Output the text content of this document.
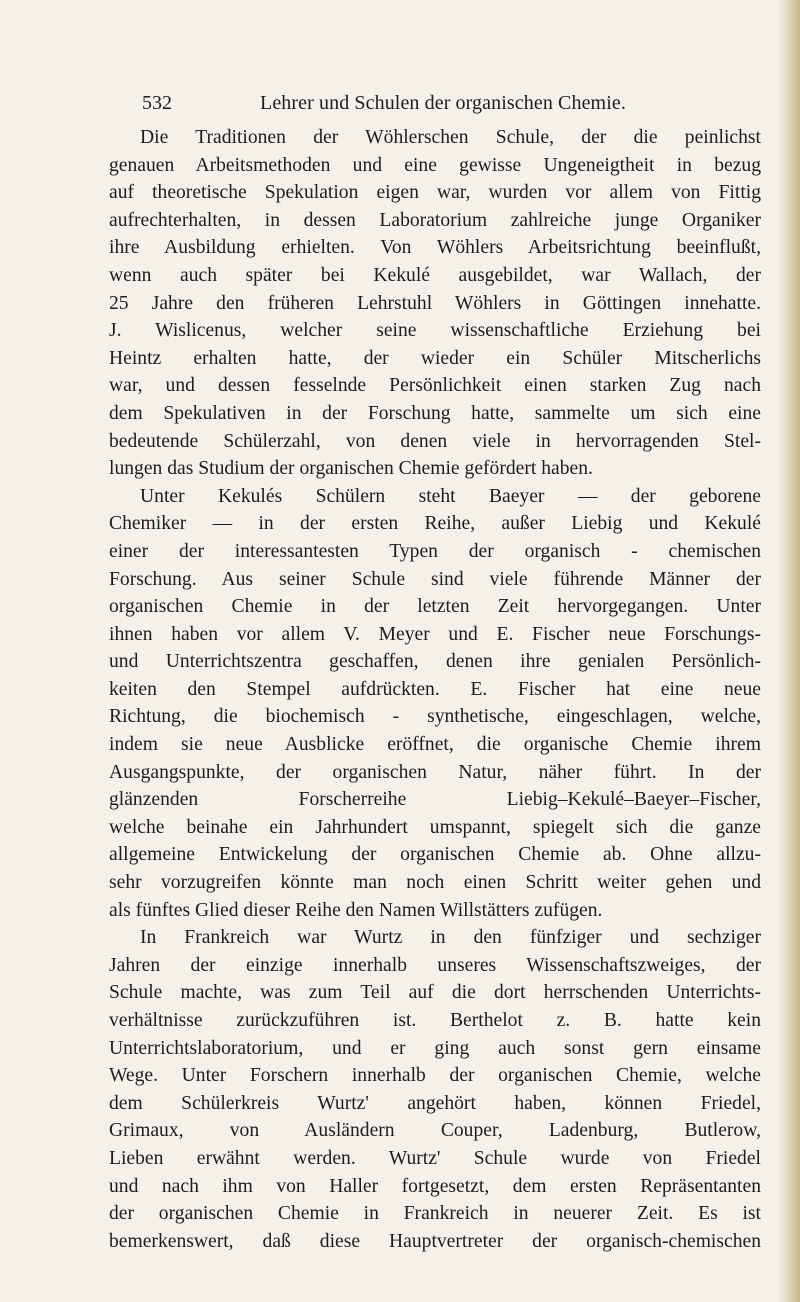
532	Lehrer und Schulen der organischen Chemie.
Die Traditionen der Wöhlerschen Schule, der die peinlichst
genauen Arbeitsmethoden und eine gewisse Ungeneigtheit in bezug
auf theoretische Spekulation eigen war, wurden vor allem von Fittig
aufrechterhalten, in dessen Laboratorium zahlreiche junge Organiker
ihre Ausbildung erhielten. Von Wöhlers Arbeitsrichtung beeinflußt,
wenn auch später bei Kekulé ausgebildet, war Wallach, der
25 Jahre den früheren Lehrstuhl Wöhlers in Göttingen innehatte.
J. Wislicenus, welcher seine wissenschaftliche Erziehung bei
Heintz erhalten hatte, der wieder ein Schüler Mitscherlichs
war, und dessen fesselnde Persönlichkeit einen starken Zug nach
dem Spekulativen in der Forschung hatte, sammelte um sich eine
bedeutende Schülerzahl, von denen viele in hervorragenden Stel-
lungen das Studium der organischen Chemie gefördert haben.
Unter Kekulés Schülern steht Baeyer — der geborene
Chemiker — in der ersten Reihe, außer Liebig und Kekulé
einer der interessantesten Typen der organisch - chemischen
Forschung. Aus seiner Schule sind viele führende Männer der
organischen Chemie in der letzten Zeit hervorgegangen. Unter
ihnen haben vor allem V. Meyer und E. Fischer neue Forschungs-
und Unterrichtszentra geschaffen, denen ihre genialen Persönlich-
keiten den Stempel aufdrückten. E. Fischer hat eine neue
Richtung, die biochemisch - synthetische, eingeschlagen, welche,
indem sie neue Ausblicke eröffnet, die organische Chemie ihrem
Ausgangspunkte, der organischen Natur, näher führt. In der
glänzenden Forscherreihe Liebig–Kekulé–Baeyer–Fischer,
welche beinahe ein Jahrhundert umspannt, spiegelt sich die ganze
allgemeine Entwickelung der organischen Chemie ab. Ohne allzu-
sehr vorzugreifen könnte man noch einen Schritt weiter gehen und
als fünftes Glied dieser Reihe den Namen Willstätters zufügen.
In Frankreich war Wurtz in den fünfziger und sechziger
Jahren der einzige innerhalb unseres Wissenschaftszweiges, der
Schule machte, was zum Teil auf die dort herrschenden Unterrichts-
verhältnisse zurückzuführen ist. Berthelot z. B. hatte kein
Unterrichtslaboratorium, und er ging auch sonst gern einsame
Wege. Unter Forschern innerhalb der organischen Chemie, welche
dem Schülerkreis Wurtz' angehört haben, können Friedel,
Grimaux, von Ausländern Couper, Ladenburg, Butlerow,
Lieben erwähnt werden. Wurtz' Schule wurde von Friedel
und nach ihm von Haller fortgesetzt, dem ersten Repräsentanten
der organischen Chemie in Frankreich in neuerer Zeit. Es ist
bemerkenswert, daß diese Hauptvertreter der organisch-chemischen
